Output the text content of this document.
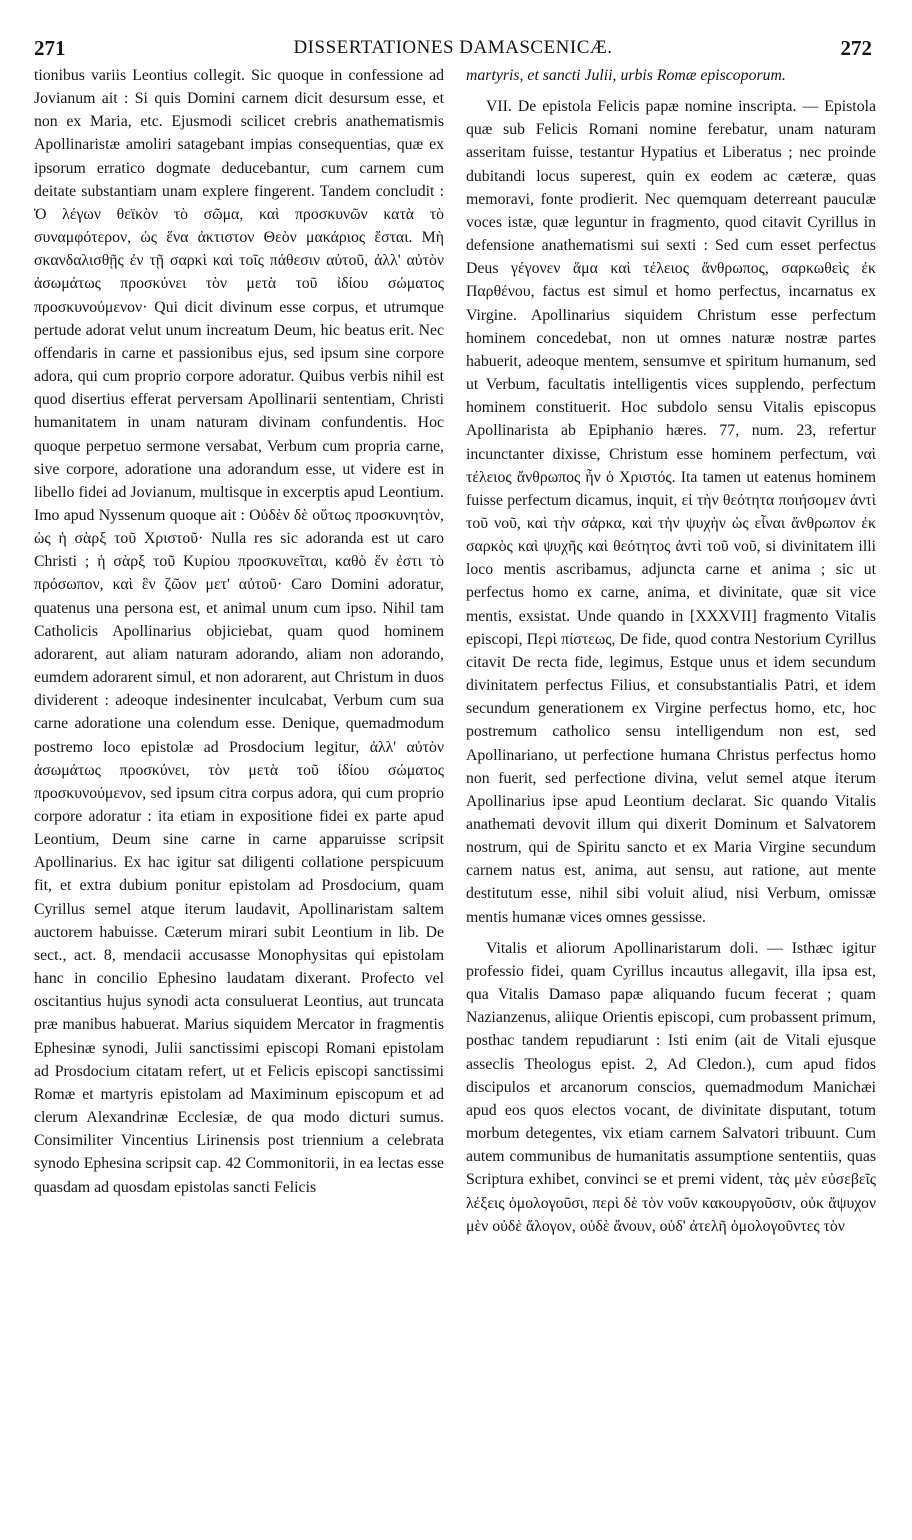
271	DISSERTATIONES DAMASCENICÆ.	272

tionibus variis Leontius collegit. Sic quoque in confessione ad Jovianum ait : Si quis Domini carnem dicit desursum esse, et non ex Maria, etc. Ejusmodi scilicet crebris anathematismis Apollinaristæ amoliri satagebant impias consequentias, quæ ex ipsorum erratico dogmate deducebantur, cum carnem cum deitate substantiam unam explere fingerent. Tandem concludit : Ὁ λέγων θεϊκὸν τὸ σῶμα, καὶ προσκυνῶν κατὰ τὸ συναμφότερον, ὡς ἕνα ἀκτιστον Θεὸν μακάριος ἔσται. Μὴ σκανδαλισθῇς ἐν τῇ σαρκὶ καὶ τοῖς πάθεσιν αὐτοῦ, ἀλλ' αὐτὸν ἀσωμάτως προσκύνει τὸν μετὰ τοῦ ἰδίου σώματος προσκυνούμενον· Qui dicit divinum esse corpus, et utrumque pertude adorat velut unum increatum Deum, hic beatus erit. Nec offendaris in carne et passionibus ejus, sed ipsum sine corpore adora, qui cum proprio corpore adoratur. Quibus verbis nihil est quod disertius efferat perversam Apollinarii sententiam, Christi humanitatem in unam naturam divinam confundentis. Hoc quoque perpetuo sermone versabat, Verbum cum propria carne, sive corpore, adoratione una adorandum esse, ut videre est in libello fidei ad Jovianum, multisque in excerptis apud Leontium. Imo apud Nyssenum quoque ait : Οὐδὲν δὲ οὕτως προσκυνητὸν, ὡς ἡ σὰρξ τοῦ Χριστοῦ· Nulla res sic adoranda est ut caro Christi ; ἡ σὰρξ τοῦ Κυρίου προσκυνεῖται, καθὸ ἕν ἐστι τὸ πρόσωπον, καὶ ἓν ζῶον μετ' αὐτοῦ· Caro Domini adoratur, quatenus una persona est, et animal unum cum ipso. Nihil tam Catholicis Apollinarius objiciebat, quam quod hominem adorarent, aut aliam naturam adorando, aliam non adorando, eumdem adorarent simul, et non adorarent, aut Christum in duos dividerent : adeoque indesinenter inculcabat, Verbum cum sua carne adoratione una colendum esse. Denique, quemadmodum postremo loco epistolæ ad Prosdocium legitur, ἀλλ' αὐτὸν ἀσωμάτως προσκύνει, τὸν μετὰ τοῦ ἰδίου σώματος προσκυνούμενον, sed ipsum citra corpus adora, qui cum proprio corpore adoratur : ita etiam in expositione fidei ex parte apud Leontium, Deum sine carne in carne apparuisse scripsit Apollinarius. Ex hac igitur sat diligenti collatione perspicuum fit, et extra dubium ponitur epistolam ad Prosdocium, quam Cyrillus semel atque iterum laudavit, Apollinaristam saltem auctorem habuisse. Cæterum mirari subit Leontium in lib. De sect., act. 8, mendacii accusasse Monophysitas qui epistolam hanc in concilio Ephesino laudatam dixerant. Profecto vel oscitantius hujus synodi acta consuluerat Leontius, aut truncata præ manibus habuerat. Marius siquidem Mercator in fragmentis Ephesinæ synodi, Julii sanctissimi episcopi Romani epistolam ad Prosdocium citatam refert, ut et Felicis episcopi sanctissimi Romæ et martyris epistolam ad Maximinum episcopum et ad clerum Alexandrinæ Ecclesiæ, de qua modo dicturi sumus. Consimiliter Vincentius Lirinensis post triennium a celebrata synodo Ephesina scripsit cap. 42 Commonitorii, in ea lectas esse quasdam ad quosdam epistolas sancti Felicis

martyris, et sancti Julii, urbis Romæ episcoporum.

VII. De epistola Felicis papæ nomine inscripta. — Epistola quæ sub Felicis Romani nomine ferebatur, unam naturam asseritam fuisse, testantur Hypatius et Liberatus ; nec proinde dubitandi locus superest, quin ex eodem ac cæteræ, quas memoravi, fonte prodierit. Nec quemquam deterreant pauculæ voces istæ, quæ leguntur in fragmento, quod citavit Cyrillus in defensione anathematismi sui sexti : Sed cum esset perfectus Deus γέγονεν ἅμα καὶ τέλειος ἄνθρωπος, σαρκωθεὶς ἐκ Παρθένου, factus est simul et homo perfectus, incarnatus ex Virgine. Apollinarius siquidem Christum esse perfectum hominem concedebat, non ut omnes naturæ nostræ partes habuerit, adeoque mentem, sensumve et spiritum humanum, sed ut Verbum, facultatis intelligentis vices supplendo, perfectum hominem constituerit. Hoc subdolo sensu Vitalis episcopus Apollinarista ab Epiphanio hæres. 77, num. 23, refertur incunctanter dixisse, Christum esse hominem perfectum, ναὶ τέλειος ἄνθρωπος ἦν ὁ Χριστός. Ita tamen ut eatenus hominem fuisse perfectum dicamus, inquit, εἰ τὴν θεότητα ποιήσομεν ἀντὶ τοῦ νοῦ, καὶ τὴν σάρκα, καὶ τὴν ψυχὴν ὡς εἶναι ἄνθρωπον ἐκ σαρκὸς καὶ ψυχῆς καὶ θεότητος ἀντὶ τοῦ νοῦ, si divinitatem illi loco mentis ascribamus, adjuncta carne et anima ; sic ut perfectus homo ex carne, anima, et divinitate, quæ sit vice mentis, exsistat. Unde quando in [XXXVII] fragmento Vitalis episcopi, Περὶ πίστεως, De fide, quod contra Nestorium Cyrillus citavit De recta fide, legimus, Estque unus et idem secundum divinitatem perfectus Filius, et consubstantialis Patri, et idem secundum generationem ex Virgine perfectus homo, etc, hoc postremum catholico sensu intelligendum non est, sed Apollinariano, ut perfectione humana Christus perfectus homo non fuerit, sed perfectione divina, velut semel atque iterum Apollinarius ipse apud Leontium declarat. Sic quando Vitalis anathemati devovit illum qui dixerit Dominum et Salvatorem nostrum, qui de Spiritu sancto et ex Maria Virgine secundum carnem natus est, anima, aut sensu, aut ratione, aut mente destitutum esse, nihil sibi voluit aliud, nisi Verbum, omissæ mentis humanæ vices omnes gessisse.

Vitalis et aliorum Apollinaristarum doli. — Isthæc igitur professio fidei, quam Cyrillus incautus allegavit, illa ipsa est, qua Vitalis Damaso papæ aliquando fucum fecerat ; quam Nazianzenus, aliique Orientis episcopi, cum probassent primum, posthac tandem repudiarunt : Isti enim (ait de Vitali ejusque asseclis Theologus epist. 2, Ad Cledon.), cum apud fidos discipulos et arcanorum conscios, quemadmodum Manichæi apud eos quos electos vocant, de divinitate disputant, totum morbum detegentes, vix etiam carnem Salvatori tribuunt. Cum autem communibus de humanitatis assumptione sententiis, quas Scriptura exhibet, convinci se et premi vident, τὰς μὲν εὐσεβεῖς λέξεις ὁμολογοῦσι, περὶ δὲ τὸν νοῦν κακουργοῦσιν, οὐκ ἄψυχον μὲν οὐδὲ ἄλογον, οὐδὲ ἄνουν, οὐδ' ἀτελῆ ὁμολογοῦντες τὸν
